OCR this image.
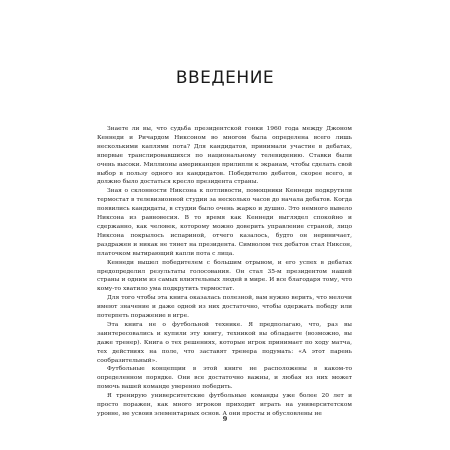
ВВЕДЕНИЕ

Знаете ли вы, что судьба президентской гонки 1960 года между Джоном Кеннеди и Ричардом Никсоном во многом была определена всего лишь несколькими каплями пота? Для кандидатов, принимали участие в дебатах, впервые транслировавшихся по национальному телевидению. Ставки были очень высоки. Миллионы американцев прилипли к экранам, чтобы сделать свой выбор в пользу одного из кандидатов. Победителю дебатов, скорее всего, и должно было достаться кресло президента страны.

Зная о склонности Никсона к потливости, помощники Кеннеди подкрутили термостат в телевизионной студии за несколько часов до начала дебатов. Когда появились кандидаты, в студии было очень жарко и душно. Это немного вывело Никсона из равновесия. В то время как Кеннеди выглядел спокойно и сдержанно, как человек, которому можно доверить управление страной, лицо Никсона покрылось испариной, отчего казалось, будто он нервничает, раздражен и никак не тянет на президента. Символом тех дебатов стал Никсон, платочком вытирающий капли пота с лица.

Кеннеди вышел победителем с большим отрывом, и его успех в дебатах предопределил результаты голосования. Он стал 35-м президентом нашей страны и одним из самых влиятельных людей в мире. И все благодаря тому, что кому-то хватило ума подкрутить термостат.

Для того чтобы эта книга оказалась полезной, вам нужно верить, что мелочи имеют значение и даже одной из них достаточно, чтобы одержать победу или потерпеть поражение в игре.

Эта книга не о футбольной технике. Я предполагаю, что, раз вы заинтересовались и купили эту книгу, техникой вы обладаете (возможно, вы даже тренер). Книга о тех решениях, которые игрок принимает по ходу матча, тех действиях на поле, что заставят тренера подумать: «А этот парень сообразительный».

Футбольные концепции в этой книге не расположены в каком-то определенном порядке. Они все достаточно важны, и любая из них может помочь вашей команде уверенно победить.

Я тренирую университетские футбольные команды уже более 20 лет и просто поражен, как много игроков приходит играть на университетском уровне, не усвоив элементарных основ. А они просты и обусловлены не

9
